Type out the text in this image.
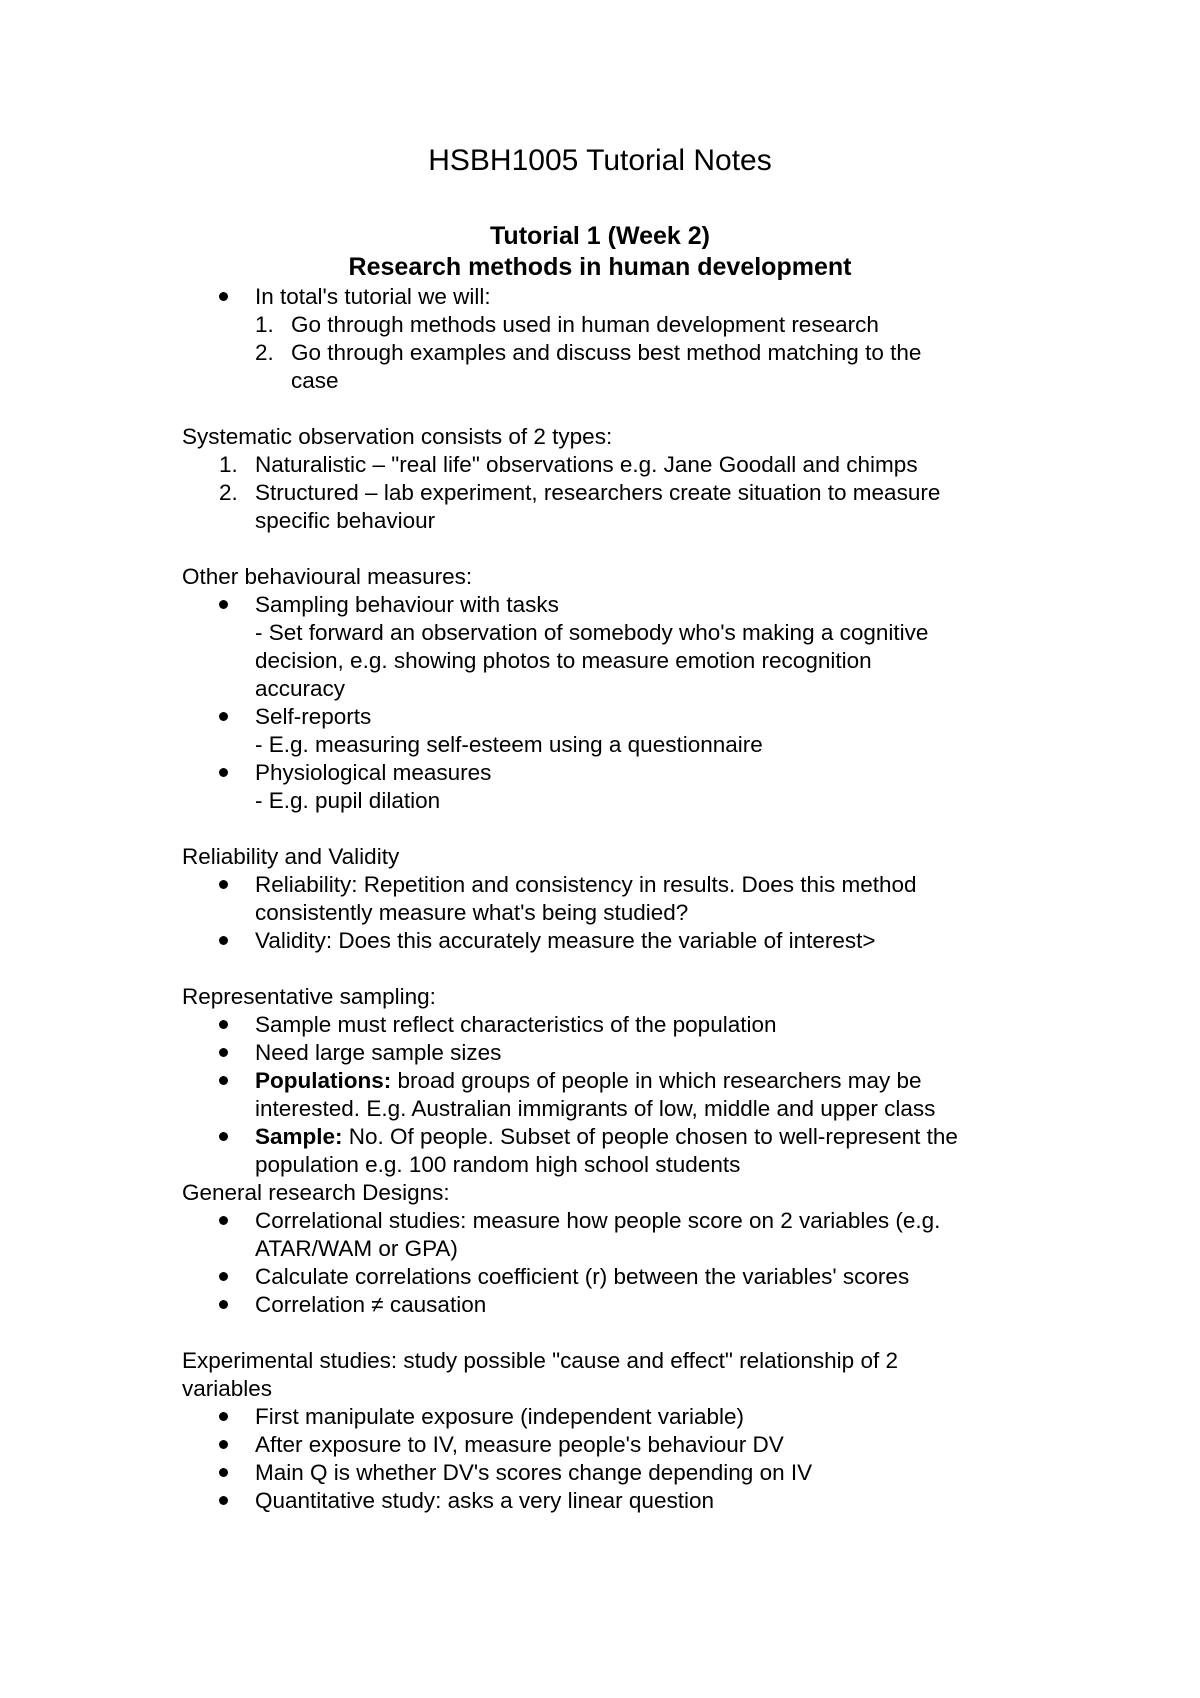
HSBH1005 Tutorial Notes
Tutorial 1 (Week 2)
Research methods in human development
In total's tutorial we will:
1. Go through methods used in human development research
2. Go through examples and discuss best method matching to the
case
Systematic observation consists of 2 types:
1. Naturalistic – "real life" observations e.g. Jane Goodall and chimps
2. Structured – lab experiment, researchers create situation to measure
specific behaviour
Other behavioural measures:
Sampling behaviour with tasks
- Set forward an observation of somebody who's making a cognitive
decision, e.g. showing photos to measure emotion recognition
accuracy
Self-reports
- E.g. measuring self-esteem using a questionnaire
Physiological measures
- E.g. pupil dilation
Reliability and Validity
Reliability: Repetition and consistency in results. Does this method
consistently measure what's being studied?
Validity: Does this accurately measure the variable of interest>
Representative sampling:
Sample must reflect characteristics of the population
Need large sample sizes
Populations: broad groups of people in which researchers may be
interested. E.g. Australian immigrants of low, middle and upper class
Sample: No. Of people. Subset of people chosen to well-represent the
population e.g. 100 random high school students
General research Designs:
Correlational studies: measure how people score on 2 variables (e.g.
ATAR/WAM or GPA)
Calculate correlations coefficient (r) between the variables' scores
Correlation ≠ causation
Experimental studies: study possible "cause and effect" relationship of 2
variables
First manipulate exposure (independent variable)
After exposure to IV, measure people's behaviour DV
Main Q is whether DV's scores change depending on IV
Quantitative study: asks a very linear question
